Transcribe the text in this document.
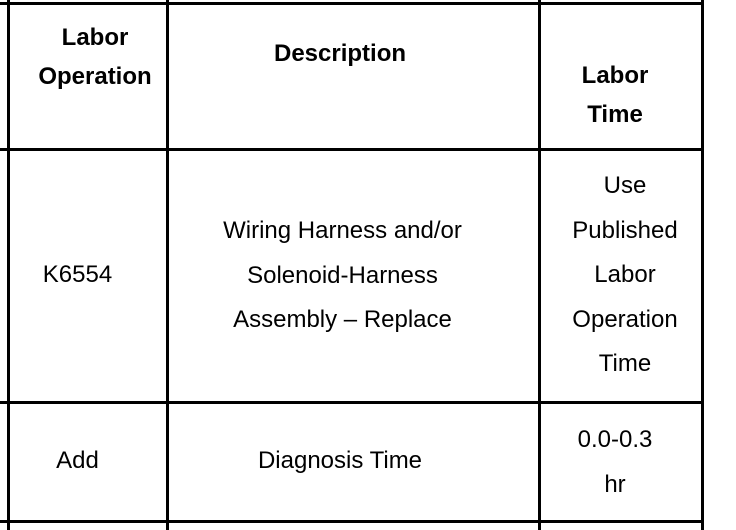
Labor
Operation
Description
Labor
Time
K6554
Wiring Harness and/or
Solenoid-Harness
Assembly – Replace
Use
Published
Labor
Operation
Time
Add	Diagnosis Time
0.0-0.3
hr
